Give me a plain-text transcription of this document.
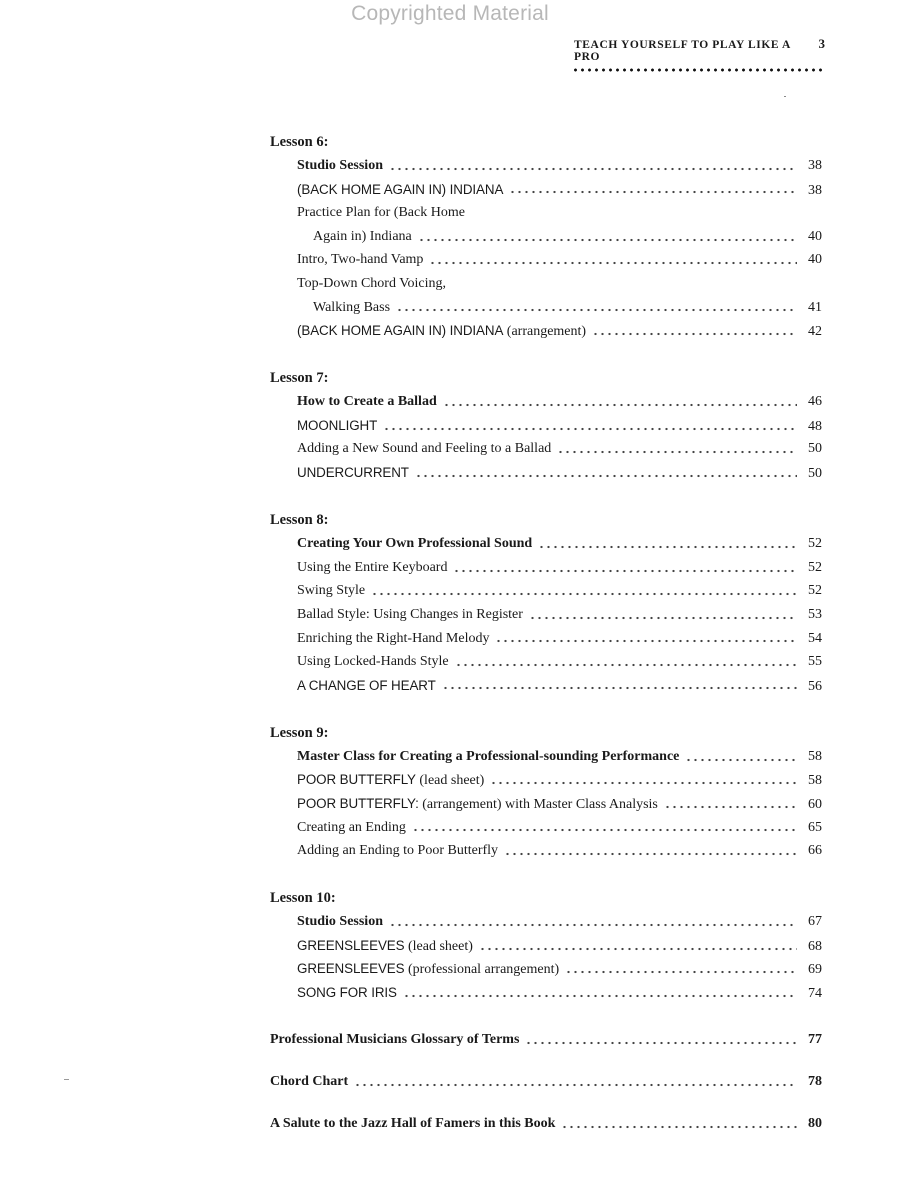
Copyrighted Material
TEACH YOURSELF TO PLAY LIKE A PRO
3
Lesson 6:
Studio Session	38
(BACK HOME AGAIN IN) INDIANA	38
Practice Plan for (Back Home
Again in) Indiana	40
Intro, Two-hand Vamp	40
Top-Down Chord Voicing,
Walking Bass	41
(BACK HOME AGAIN IN) INDIANA (arrangement)	42
Lesson 7:
How to Create a Ballad	46
MOONLIGHT	48
Adding a New Sound and Feeling to a Ballad	50
UNDERCURRENT	50
Lesson 8:
Creating Your Own Professional Sound	52
Using the Entire Keyboard	52
Swing Style	52
Ballad Style: Using Changes in Register	53
Enriching the Right-Hand Melody	54
Using Locked-Hands Style	55
A CHANGE OF HEART	56
Lesson 9:
Master Class for Creating a Professional-sounding Performance	58
POOR BUTTERFLY (lead sheet)	58
POOR BUTTERFLY: (arrangement) with Master Class Analysis	60
Creating an Ending	65
Adding an Ending to Poor Butterfly	66
Lesson 10:
Studio Session	67
GREENSLEEVES (lead sheet)	68
GREENSLEEVES (professional arrangement)	69
SONG FOR IRIS	74
Professional Musicians Glossary of Terms	77
Chord Chart	78
A Salute to the Jazz Hall of Famers in this Book	80
